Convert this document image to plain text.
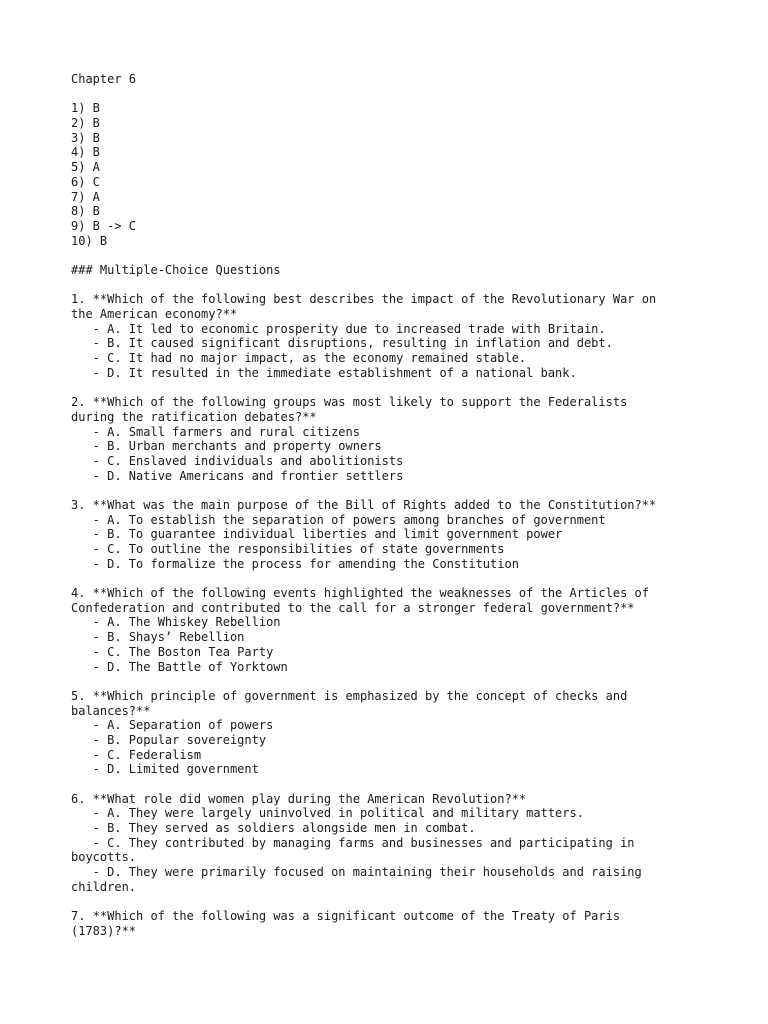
Chapter 6
1) B
2) B
3) B
4) B
5) A
6) C
7) A
8) B
9) B -> C
10) B
### Multiple-Choice Questions
1. **Which of the following best describes the impact of the Revolutionary War on
the American economy?**
- A. It led to economic prosperity due to increased trade with Britain.
- B. It caused significant disruptions, resulting in inflation and debt.
- C. It had no major impact, as the economy remained stable.
- D. It resulted in the immediate establishment of a national bank.
2. **Which of the following groups was most likely to support the Federalists
during the ratification debates?**
- A. Small farmers and rural citizens
- B. Urban merchants and property owners
- C. Enslaved individuals and abolitionists
- D. Native Americans and frontier settlers
3. **What was the main purpose of the Bill of Rights added to the Constitution?**
- A. To establish the separation of powers among branches of government
- B. To guarantee individual liberties and limit government power
- C. To outline the responsibilities of state governments
- D. To formalize the process for amending the Constitution
4. **Which of the following events highlighted the weaknesses of the Articles of
Confederation and contributed to the call for a stronger federal government?**
- A. The Whiskey Rebellion
- B. Shays’ Rebellion
- C. The Boston Tea Party
- D. The Battle of Yorktown
5. **Which principle of government is emphasized by the concept of checks and
balances?**
- A. Separation of powers
- B. Popular sovereignty
- C. Federalism
- D. Limited government
6. **What role did women play during the American Revolution?**
- A. They were largely uninvolved in political and military matters.
- B. They served as soldiers alongside men in combat.
- C. They contributed by managing farms and businesses and participating in
boycotts.
- D. They were primarily focused on maintaining their households and raising
children.
7. **Which of the following was a significant outcome of the Treaty of Paris
(1783)?**
